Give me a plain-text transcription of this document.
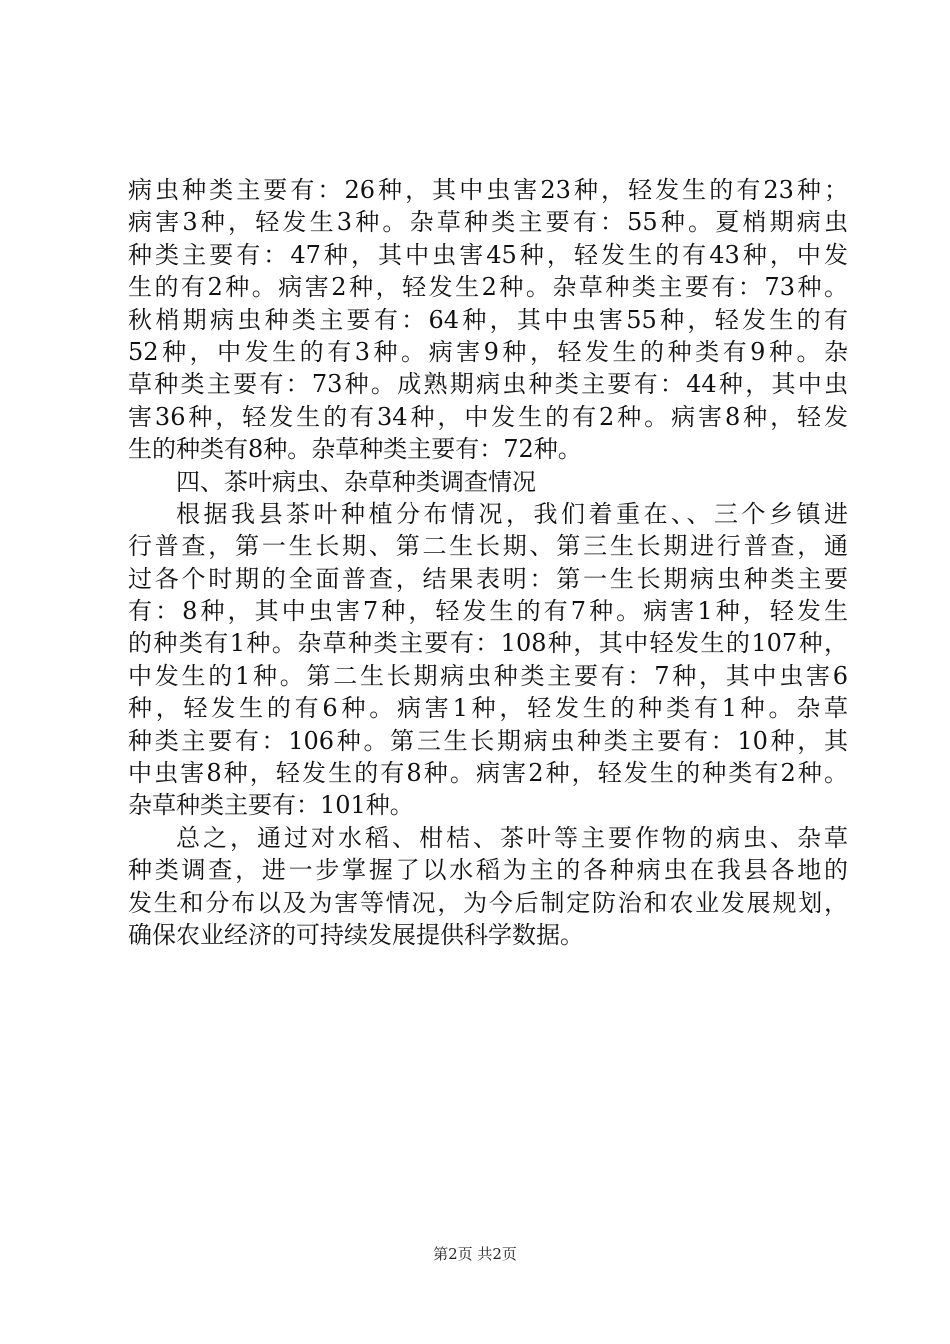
病虫种类主要有：26种，其中虫害23种，轻发生的有23种；
病害3种，轻发生3种。杂草种类主要有：55种。夏梢期病虫
种类主要有：47种，其中虫害45种，轻发生的有43种，中发
生的有2种。病害2种，轻发生2种。杂草种类主要有：73种。
秋梢期病虫种类主要有：64种，其中虫害55种，轻发生的有
52种，中发生的有3种。病害9种，轻发生的种类有9种。杂
草种类主要有：73种。成熟期病虫种类主要有：44种，其中虫
害36种，轻发生的有34种，中发生的有2种。病害8种，轻发
生的种类有8种。杂草种类主要有：72种。
四、茶叶病虫、杂草种类调查情况
根据我县茶叶种植分布情况，我们着重在、、三个乡镇进
行普查，第一生长期、第二生长期、第三生长期进行普查，通
过各个时期的全面普查，结果表明：第一生长期病虫种类主要
有：8种，其中虫害7种，轻发生的有7种。病害1种，轻发生
的种类有1种。杂草种类主要有：108种，其中轻发生的107种，
中发生的1种。第二生长期病虫种类主要有：7种，其中虫害6
种，轻发生的有6种。病害1种，轻发生的种类有1种。杂草
种类主要有：106种。第三生长期病虫种类主要有：10种，其
中虫害8种，轻发生的有8种。病害2种，轻发生的种类有2种。
杂草种类主要有：101种。
总之，通过对水稻、柑桔、茶叶等主要作物的病虫、杂草
种类调查，进一步掌握了以水稻为主的各种病虫在我县各地的
发生和分布以及为害等情况，为今后制定防治和农业发展规划，
确保农业经济的可持续发展提供科学数据。
第2页 共2页
